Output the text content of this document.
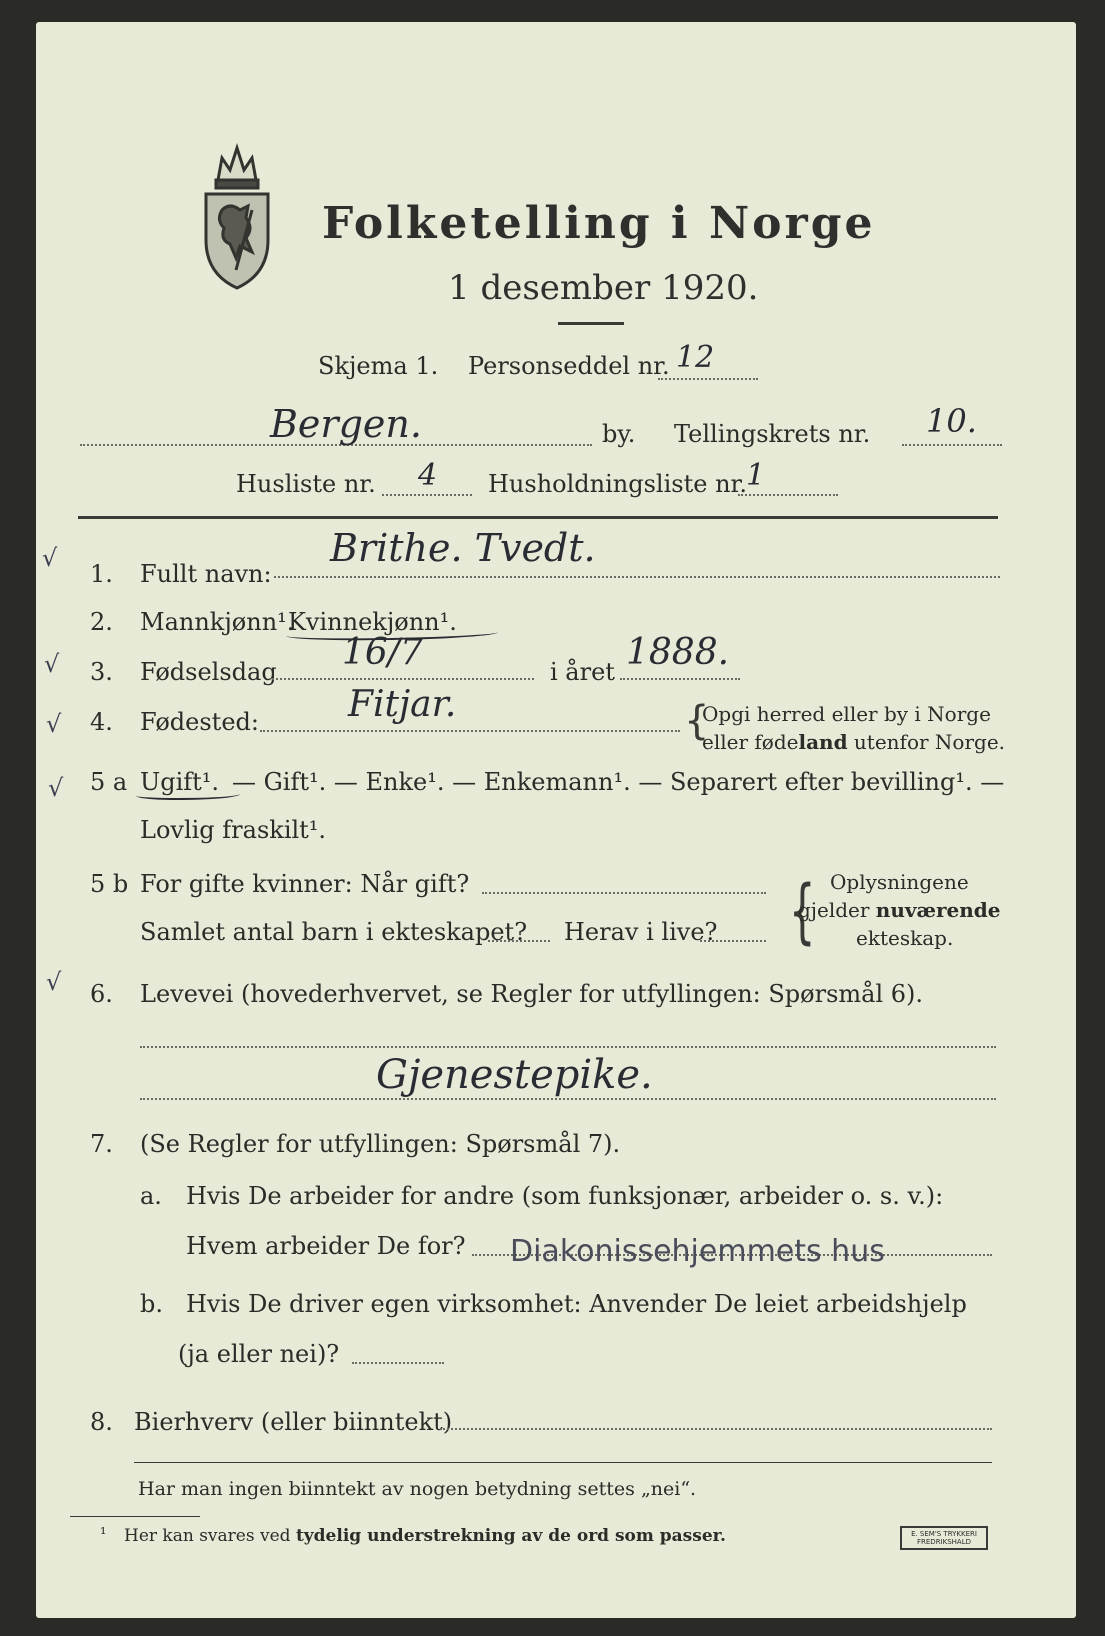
Folketelling i Norge
1 desember 1920.
Skjema 1. Personseddel nr. 12
Bergen.	by. Tellingskrets nr. 10.
Husliste nr. 4 Husholdningsliste nr. 1
√
√
√
√
√
1. Fullt navn:
Brithe. Tvedt.
2. Mannkjønn¹.
Kvinnekjønn¹.
3. Fødselsdag 16/7	i året 1888.
4. Fødested: Fitjar.	{
Opgi herred eller by i Norge
eller fødeland utenfor Norge.
5 a Ugift¹. — Gift¹. — Enke¹. — Enkemann¹. — Separert efter bevilling¹. —
Lovlig fraskilt¹.
5 b For gifte kvinner: Når gift?
Samlet antal barn i ekteskapet? Herav i live? { Oplysningene
gjelder nuværende
ekteskap.
6. Levevei (hovederhvervet, se Regler for utfyllingen: Spørsmål 6).
Gjenestepike.
7. (Se Regler for utfyllingen: Spørsmål 7).
a. Hvis De arbeider for andre (som funksjonær, arbeider o. s. v.):
Hvem arbeider De for? Diakonissehjemmets hus
b. Hvis De driver egen virksomhet: Anvender De leiet arbeidshjelp
(ja eller nei)?
8. Bierhverv (eller biinntekt)
Har man ingen biinntekt av nogen betydning settes „nei“.
¹ Her kan svares ved tydelig understrekning av de ord som passer.	E. SEM'S TRYKKERI
FREDRIKSHALD
